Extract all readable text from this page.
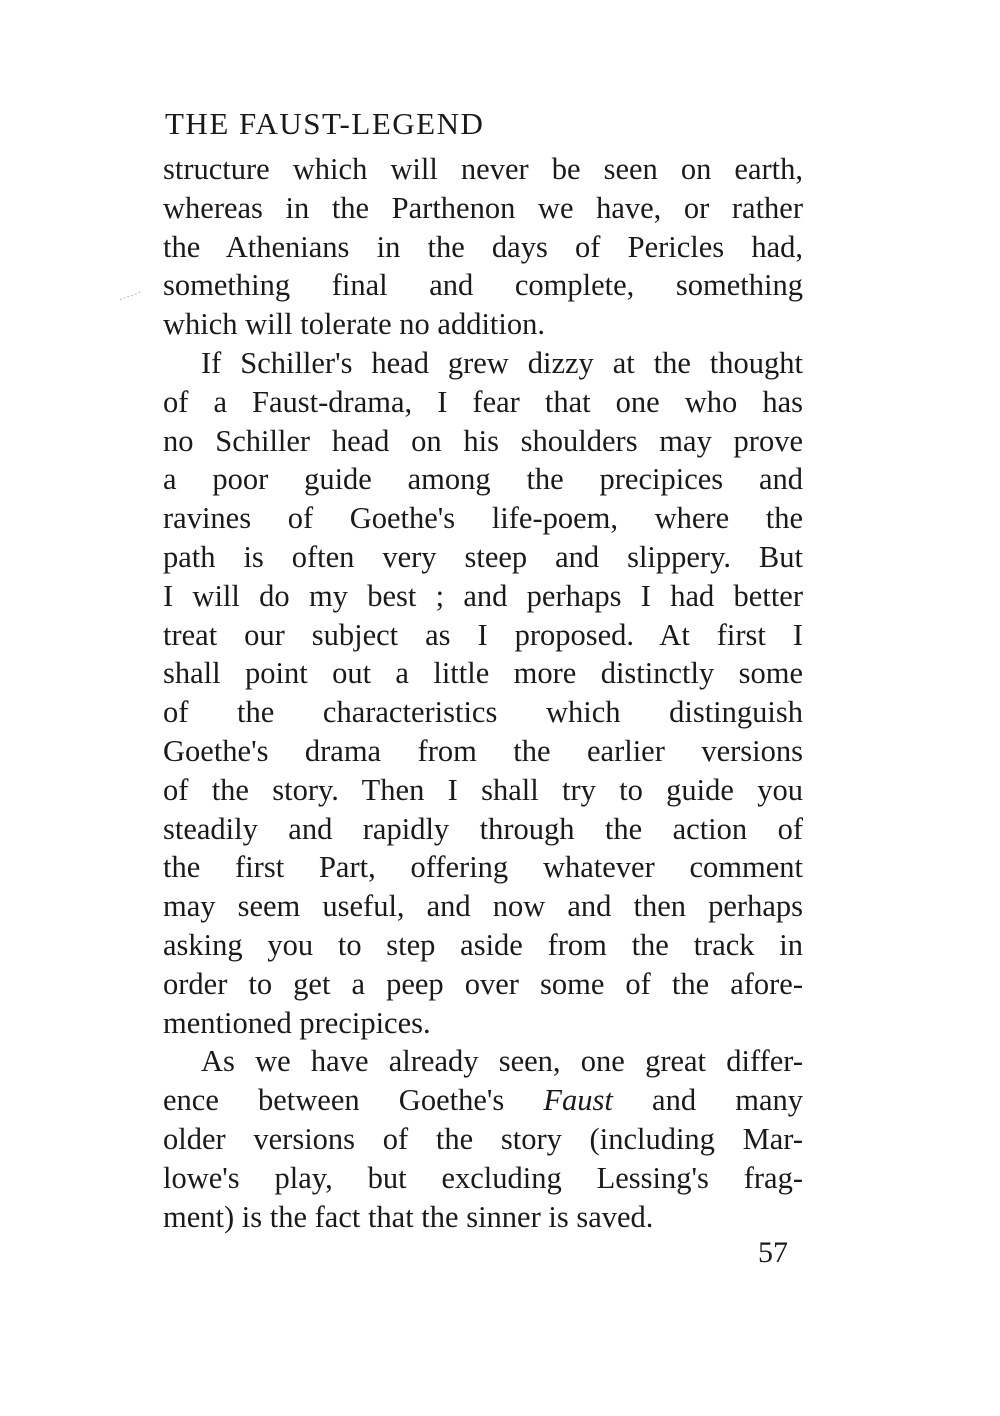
THE FAUST-LEGEND
structure which will never be seen on earth,
whereas in the Parthenon we have, or rather
the Athenians in the days of Pericles had,
something final and complete, something
which will tolerate no addition.
If Schiller's head grew dizzy at the thought
of a Faust-drama, I fear that one who has
no Schiller head on his shoulders may prove
a poor guide among the precipices and
ravines of Goethe's life-poem, where the
path is often very steep and slippery. But
I will do my best ; and perhaps I had better
treat our subject as I proposed. At first I
shall point out a little more distinctly some
of the characteristics which distinguish
Goethe's drama from the earlier versions
of the story. Then I shall try to guide you
steadily and rapidly through the action of
the first Part, offering whatever comment
may seem useful, and now and then perhaps
asking you to step aside from the track in
order to get a peep over some of the afore-
mentioned precipices.
As we have already seen, one great differ-
ence between Goethe's Faust and many
older versions of the story (including Mar-
lowe's play, but excluding Lessing's frag-
ment) is the fact that the sinner is saved.
57
